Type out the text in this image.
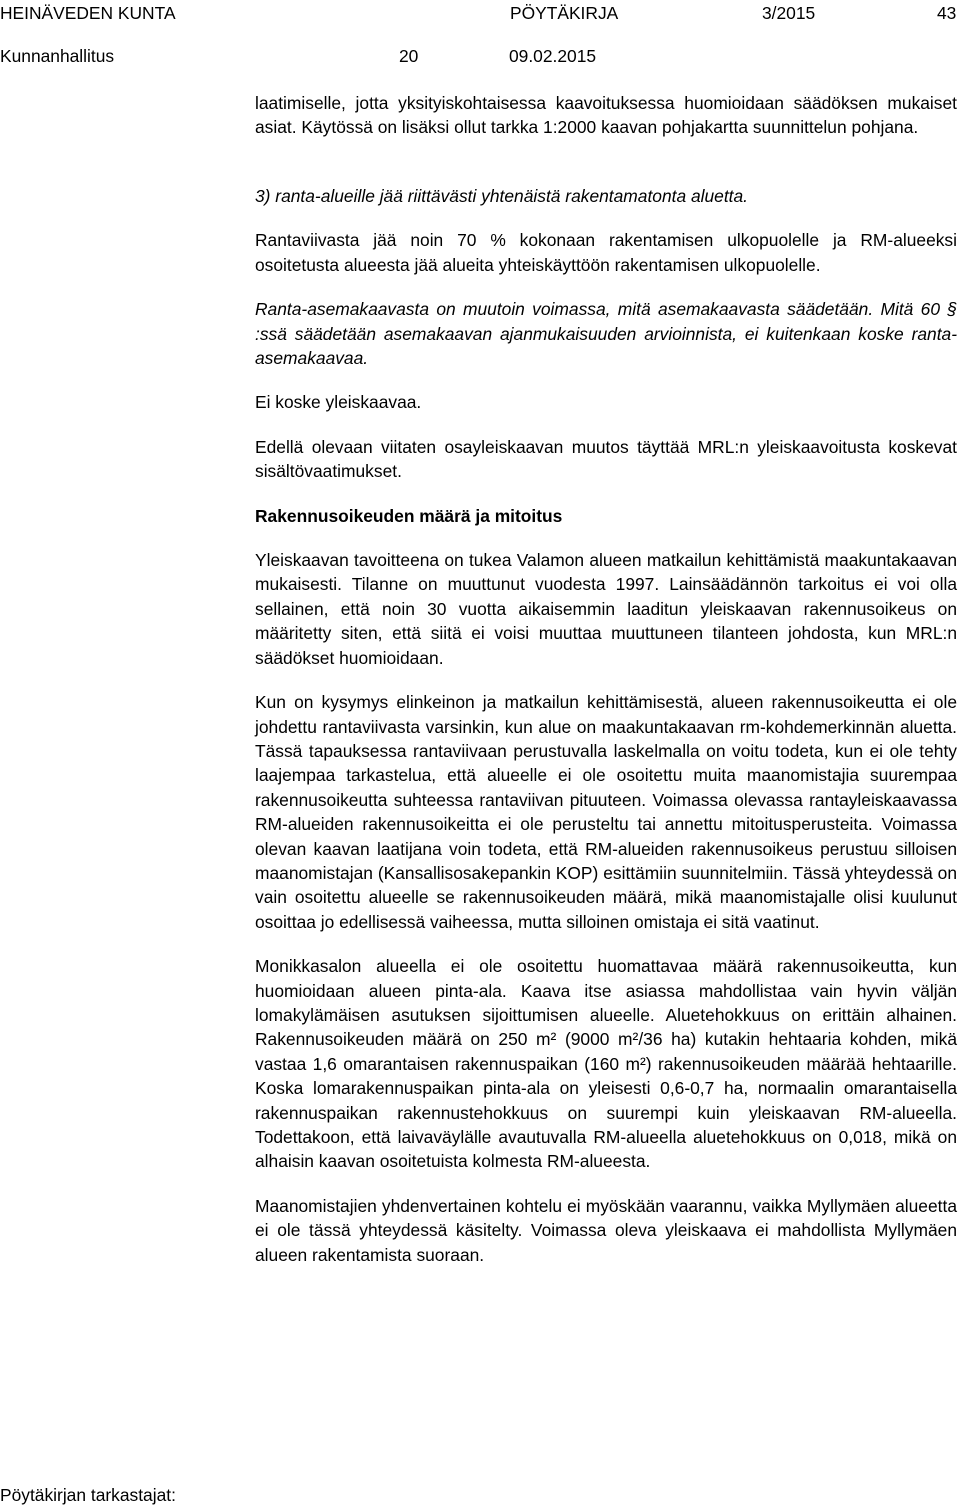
HEINÄVEDEN KUNTA	PÖYTÄKIRJA	3/2015	43
Kunnanhallitus	20	09.02.2015

laatimiselle, jotta yksityiskohtaisessa kaavoituksessa huomioidaan säädöksen mukaiset asiat. Käytössä on lisäksi ollut tarkka 1:2000 kaavan pohjakartta suunnittelun pohjana.

3) ranta-alueille jää riittävästi yhtenäistä rakentamatonta aluetta.

Rantaviivasta jää noin 70 % kokonaan rakentamisen ulkopuolelle ja RM-alueeksi osoitetusta alueesta jää alueita yhteiskäyttöön rakentamisen ulkopuolelle.

Ranta-asemakaavasta on muutoin voimassa, mitä asemakaavasta säädetään. Mitä 60 § :ssä säädetään asemakaavan ajanmukaisuuden arvioinnista, ei kuitenkaan koske ranta-asemakaavaa.

Ei koske yleiskaavaa.

Edellä olevaan viitaten osayleiskaavan muutos täyttää MRL:n yleiskaavoitusta koskevat sisältövaatimukset.

Rakennusoikeuden määrä ja mitoitus

Yleiskaavan tavoitteena on tukea Valamon alueen matkailun kehittämistä maakuntakaavan mukaisesti. Tilanne on muuttunut vuodesta 1997. Lainsäädännön tarkoitus ei voi olla sellainen, että noin 30 vuotta aikaisemmin laaditun yleiskaavan rakennusoikeus on määritetty siten, että siitä ei voisi muuttaa muuttuneen tilanteen johdosta, kun MRL:n säädökset huomioidaan.

Kun on kysymys elinkeinon ja matkailun kehittämisestä, alueen rakennusoikeutta ei ole johdettu rantaviivasta varsinkin, kun alue on maakuntakaavan rm-kohdemerkinnän aluetta. Tässä tapauksessa rantaviivaan perustuvalla laskelmalla on voitu todeta, kun ei ole tehty laajempaa tarkastelua, että alueelle ei ole osoitettu muita maanomistajia suurempaa rakennusoikeutta suhteessa rantaviivan pituuteen. Voimassa olevassa rantayleiskaavassa RM-alueiden rakennusoikeitta ei ole perusteltu tai annettu mitoitusperusteita. Voimassa olevan kaavan laatijana voin todeta, että RM-alueiden rakennusoikeus perustuu silloisen maanomistajan (Kansallisosakepankin KOP) esittämiin suunnitelmiin. Tässä yhteydessä on vain osoitettu alueelle se rakennusoikeuden määrä, mikä maanomistajalle olisi kuulunut osoittaa jo edellisessä vaiheessa, mutta silloinen omistaja ei sitä vaatinut.

Monikkasalon alueella ei ole osoitettu huomattavaa määrä rakennusoikeutta, kun huomioidaan alueen pinta-ala. Kaava itse asiassa mahdollistaa vain hyvin väljän lomakylämäisen asutuksen sijoittumisen alueelle. Aluetehokkuus on erittäin alhainen. Rakennusoikeuden määrä on 250 m² (9000 m²/36 ha) kutakin hehtaaria kohden, mikä vastaa 1,6 omarantaisen rakennuspaikan (160 m²) rakennusoikeuden määrää hehtaarille. Koska lomarakennuspaikan pinta-ala on yleisesti 0,6-0,7 ha, normaalin omarantaisella rakennuspaikan rakennustehokkuus on suurempi kuin yleiskaavan RM-alueella. Todettakoon, että laivaväylälle avautuvalla RM-alueella aluetehokkuus on 0,018, mikä on alhaisin kaavan osoitetuista kolmesta RM-alueesta.

Maanomistajien yhdenvertainen kohtelu ei myöskään vaarannu, vaikka Myllymäen alueetta ei ole tässä yhteydessä käsitelty. Voimassa oleva yleiskaava ei mahdollista Myllymäen alueen rakentamista suoraan.

Pöytäkirjan tarkastajat:
